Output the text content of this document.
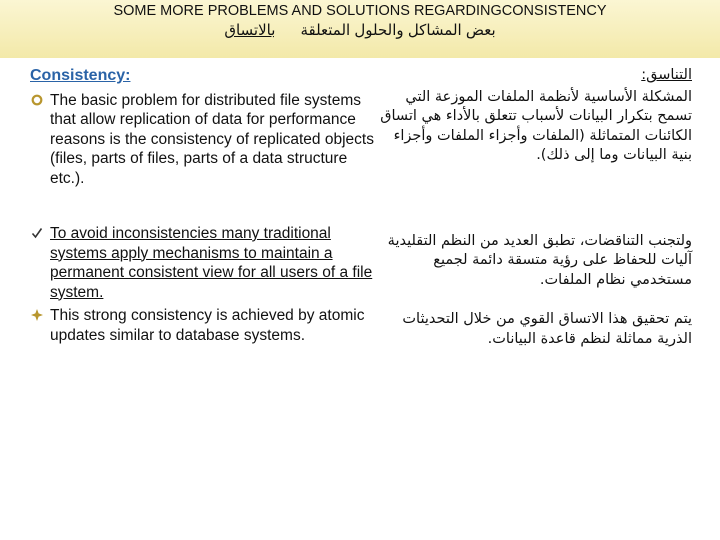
SOME MORE PROBLEMS AND SOLUTIONS REGARDINGCONSISTENCY
بعض المشاكل والحلول المتعلقة      بالاتساق
Consistency:
The basic problem for distributed file systems that allow replication of data for performance reasons is the consistency of replicated objects (files, parts of files, parts of a data structure etc.).
To avoid inconsistencies many traditional systems apply mechanisms to maintain a permanent consistent view for all users of a file system.
This strong consistency is achieved by atomic updates similar to database systems.
التناسق:
المشكلة الأساسية لأنظمة الملفات الموزعة التي تسمح بتكرار البيانات لأسباب تتعلق بالأداء هي اتساق الكائنات المتماثلة (الملفات وأجزاء الملفات وأجزاء بنية البيانات وما إلى ذلك).
ولتجنب التناقضات، تطبق العديد من النظم التقليدية آليات للحفاظ على رؤية متسقة دائمة لجميع مستخدمي نظام الملفات.
يتم تحقيق هذا الاتساق القوي من خلال التحديثات الذرية مماثلة لنظم قاعدة البيانات.
